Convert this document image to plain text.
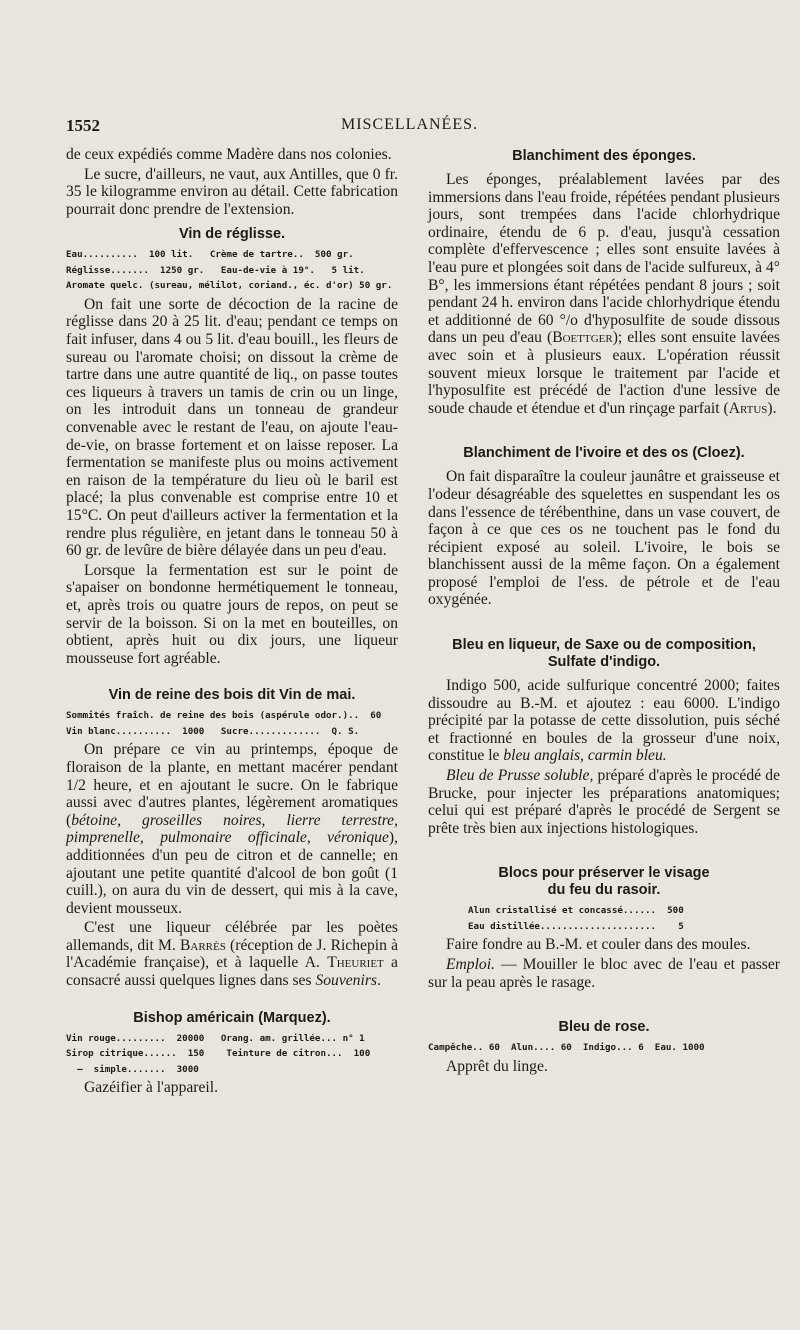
1552	MISCELLANÉES.

de ceux expédiés comme Madère dans nos colonies.

Le sucre, d'ailleurs, ne vaut, aux Antilles, que 0 fr. 35 le kilogramme environ au détail. Cette fabrication pourrait donc prendre de l'extension.

Vin de réglisse.
Eau..........  100 lit.   Crème de tartre..  500 gr.
Réglisse.......  1250 gr.   Eau-de-vie à 19°.   5 lit.
Aromate quelc. (sureau, mélilot, coriand., éc. d'or) 50 gr.

On fait une sorte de décoction de la racine de réglisse dans 20 à 25 lit. d'eau; pendant ce temps on fait infuser, dans 4 ou 5 lit. d'eau bouill., les fleurs de sureau ou l'aromate choisi; on dissout la crème de tartre dans une autre quantité de liq., on passe toutes ces liqueurs à travers un tamis de crin ou un linge, on les introduit dans un tonneau de grandeur convenable avec le restant de l'eau, on ajoute l'eau-de-vie, on brasse fortement et on laisse reposer. La fermentation se manifeste plus ou moins activement en raison de la température du lieu où le baril est placé; la plus convenable est comprise entre 10 et 15°C. On peut d'ailleurs activer la fermentation et la rendre plus régulière, en jetant dans le tonneau 50 à 60 gr. de levûre de bière délayée dans un peu d'eau.

Lorsque la fermentation est sur le point de s'apaiser on bondonne hermétiquement le tonneau, et, après trois ou quatre jours de repos, on peut se servir de la boisson. Si on la met en bouteilles, on obtient, après huit ou dix jours, une liqueur mousseuse fort agréable.

Vin de reine des bois dit Vin de mai.
Sommités fraîch. de reine des bois (aspérule odor.)..  60
Vin blanc..........  1000   Sucre.............  Q. S.

On prépare ce vin au printemps, époque de floraison de la plante, en mettant macérer pendant 1/2 heure, et en ajoutant le sucre. On le fabrique aussi avec d'autres plantes, légèrement aromatiques (bétoine, groseilles noires, lierre terrestre, pimprenelle, pulmonaire officinale, véronique), additionnées d'un peu de citron et de cannelle; en ajoutant une petite quantité d'alcool de bon goût (1 cuill.), on aura du vin de dessert, qui mis à la cave, devient mousseux.

C'est une liqueur célébrée par les poètes allemands, dit M. Barrès (réception de J. Richepin à l'Académie française), et à laquelle A. Theuriet a consacré aussi quelques lignes dans ses Souvenirs.

Bishop américain (Marquez).
Vin rouge.........  20000   Orang. am. grillée... n° 1
Sirop citrique......  150    Teinture de citron...  100
—  simple.......  3000

Gazéifier à l'appareil.

Blanchiment des éponges.

Les éponges, préalablement lavées par des immersions dans l'eau froide, répétées pendant plusieurs jours, sont trempées dans l'acide chlorhydrique ordinaire, étendu de 6 p. d'eau, jusqu'à cessation complète d'effervescence ; elles sont ensuite lavées à l'eau pure et plongées soit dans de l'acide sulfureux, à 4° B°, les immersions étant répétées pendant 8 jours ; soit pendant 24 h. environ dans l'acide chlorhydrique étendu et additionné de 60 °/o d'hyposulfite de soude dissous dans un peu d'eau (Boettger); elles sont ensuite lavées avec soin et à plusieurs eaux. L'opération réussit souvent mieux lorsque le traitement par l'acide et l'hyposulfite est précédé de l'action d'une lessive de soude chaude et étendue et d'un rinçage parfait (Artus).

Blanchiment de l'ivoire et des os (Cloez).

On fait disparaître la couleur jaunâtre et graisseuse et l'odeur désagréable des squelettes en suspendant les os dans l'essence de térébenthine, dans un vase couvert, de façon à ce que ces os ne touchent pas le fond du récipient exposé au soleil. L'ivoire, le bois se blanchissent aussi de la même façon. On a également proposé l'emploi de l'ess. de pétrole et de l'eau oxygénée.

Bleu en liqueur, de Saxe ou de composition,
Sulfate d'indigo.

Indigo 500, acide sulfurique concentré 2000; faites dissoudre au B.-M. et ajoutez : eau 6000. L'indigo précipité par la potasse de cette dissolution, puis séché et fractionné en boules de la grosseur d'une noix, constitue le bleu anglais, carmin bleu.

Bleu de Prusse soluble, préparé d'après le procédé de Brucke, pour injecter les préparations anatomiques; celui qui est préparé d'après le procédé de Sergent se prête très bien aux injections histologiques.

Blocs pour préserver le visage
du feu du rasoir.
Alun cristallisé et concassé......  500
Eau distillée.....................    5

Faire fondre au B.-M. et couler dans des moules.

Emploi. — Mouiller le bloc avec de l'eau et passer sur la peau après le rasage.

Bleu de rose.
Campêche.. 60  Alun.... 60  Indigo... 6  Eau. 1000

Apprêt du linge.
